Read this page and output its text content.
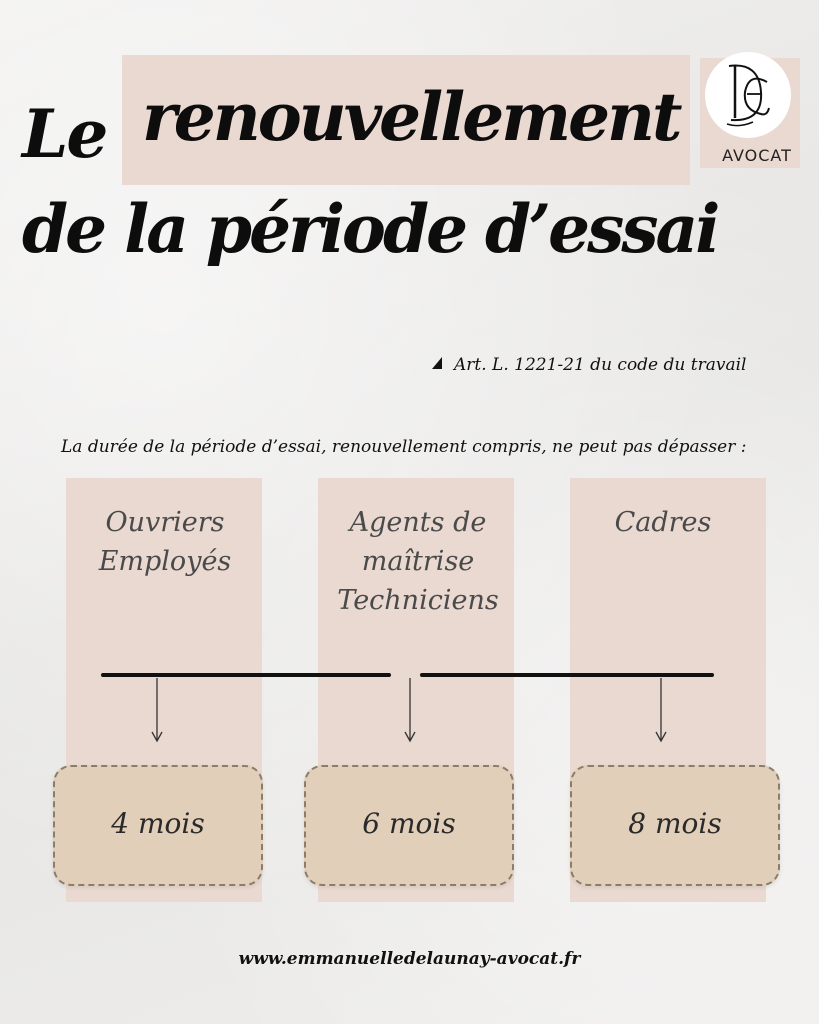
Le renouvellement
de la période d’essai
AVOCAT
Art. L. 1221-21 du code du travail
La durée de la période d’essai, renouvellement compris, ne peut pas dépasser :
Ouvriers
Employés
Agents de
maîtrise
Techniciens
Cadres
4 mois	6 mois	8 mois
www.emmanuelledelaunay-avocat.fr
